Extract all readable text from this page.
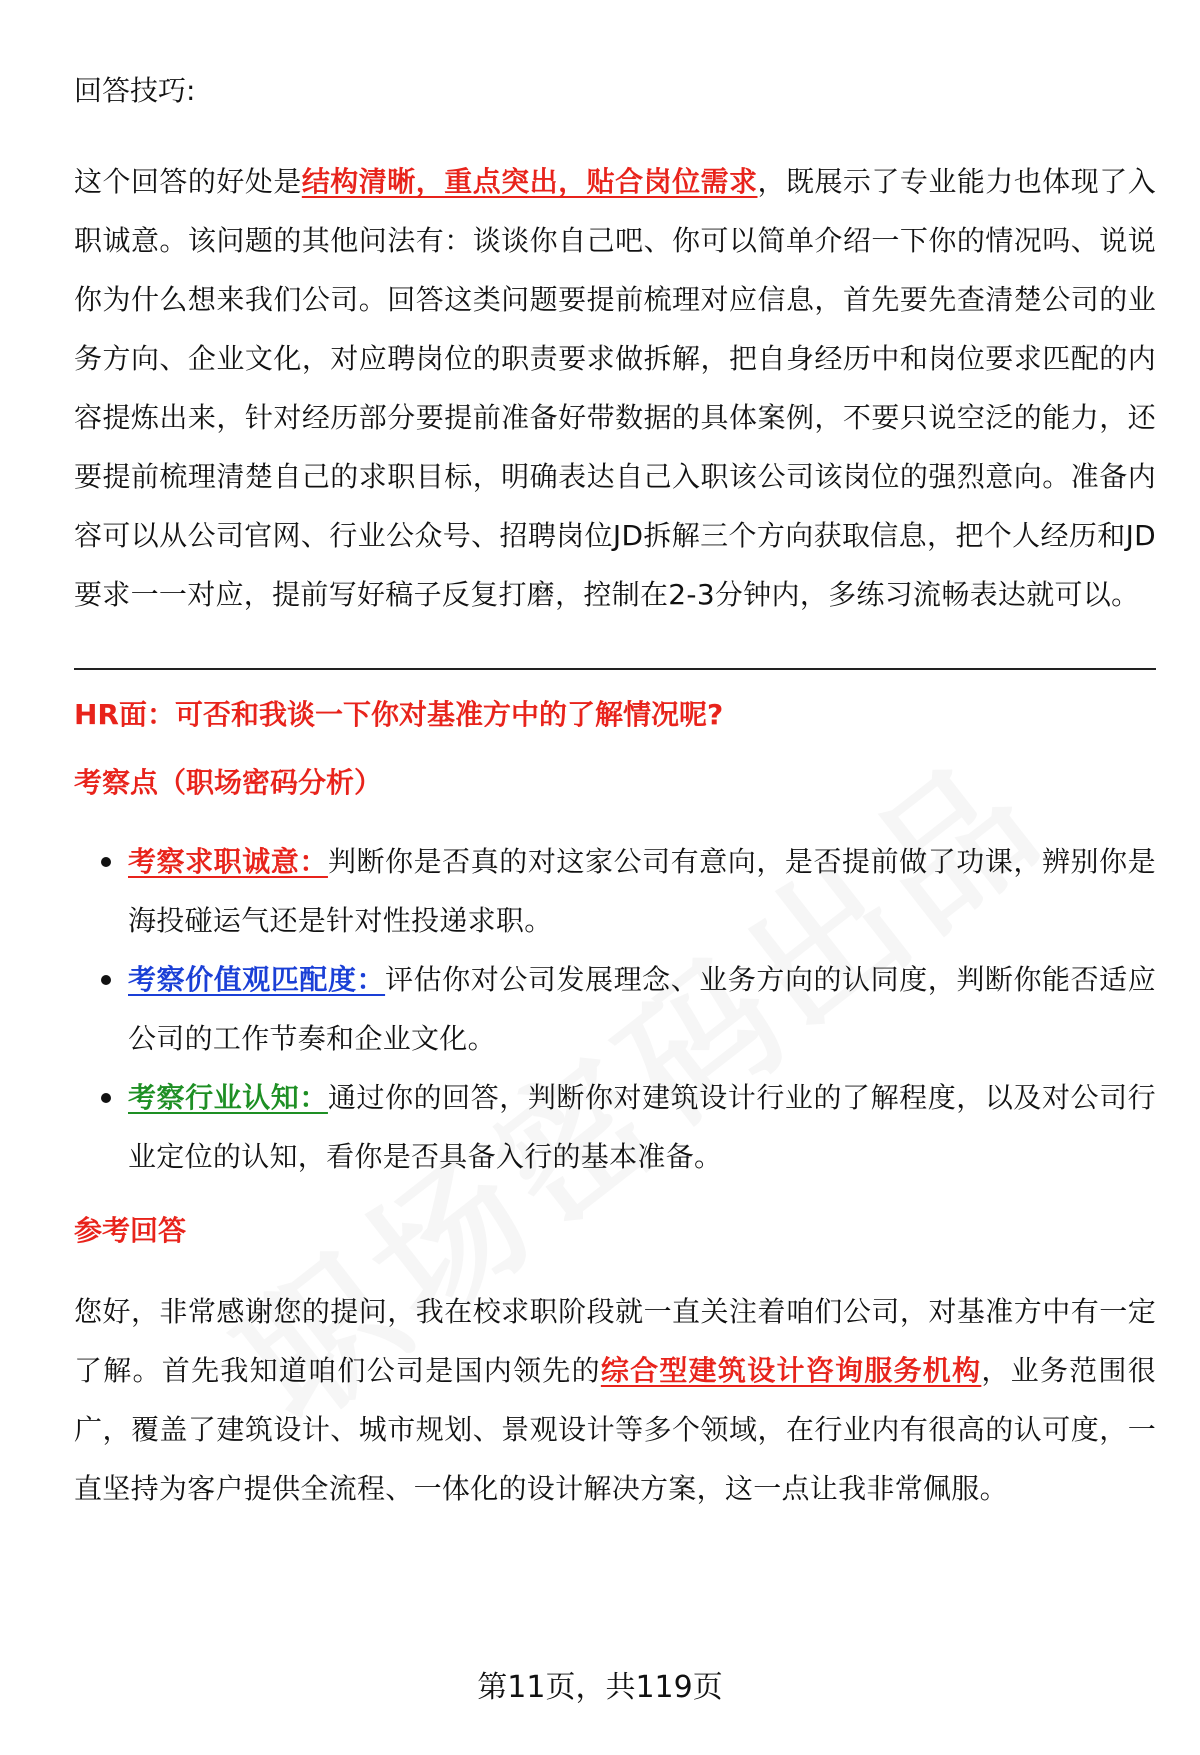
回答技巧:

这个回答的好处是结构清晰，重点突出，贴合岗位需求，既展示了专业能力也体现了入职诚意。该问题的其他问法有：谈谈你自己吧、你可以简单介绍一下你的情况吗、说说你为什么想来我们公司。回答这类问题要提前梳理对应信息，首先要先查清楚公司的业务方向、企业文化，对应聘岗位的职责要求做拆解，把自身经历中和岗位要求匹配的内容提炼出来，针对经历部分要提前准备好带数据的具体案例，不要只说空泛的能力，还要提前梳理清楚自己的求职目标，明确表达自己入职该公司该岗位的强烈意向。准备内容可以从公司官网、行业公众号、招聘岗位JD拆解三个方向获取信息，把个人经历和JD要求一一对应，提前写好稿子反复打磨，控制在2-3分钟内，多练习流畅表达就可以。

HR面：可否和我谈一下你对基准方中的了解情况呢?

考察点（职场密码分析）

考察求职诚意：判断你是否真的对这家公司有意向，是否提前做了功课，辨别你是海投碰运气还是针对性投递求职。
考察价值观匹配度：评估你对公司发展理念、业务方向的认同度，判断你能否适应公司的工作节奏和企业文化。
考察行业认知：通过你的回答，判断你对建筑设计行业的了解程度，以及对公司行业定位的认知，看你是否具备入行的基本准备。

参考回答

您好，非常感谢您的提问，我在校求职阶段就一直关注着咱们公司，对基准方中有一定了解。首先我知道咱们公司是国内领先的综合型建筑设计咨询服务机构，业务范围很广，覆盖了建筑设计、城市规划、景观设计等多个领域，在行业内有很高的认可度，一直坚持为客户提供全流程、一体化的设计解决方案，这一点让我非常佩服。

第11页，共119页
